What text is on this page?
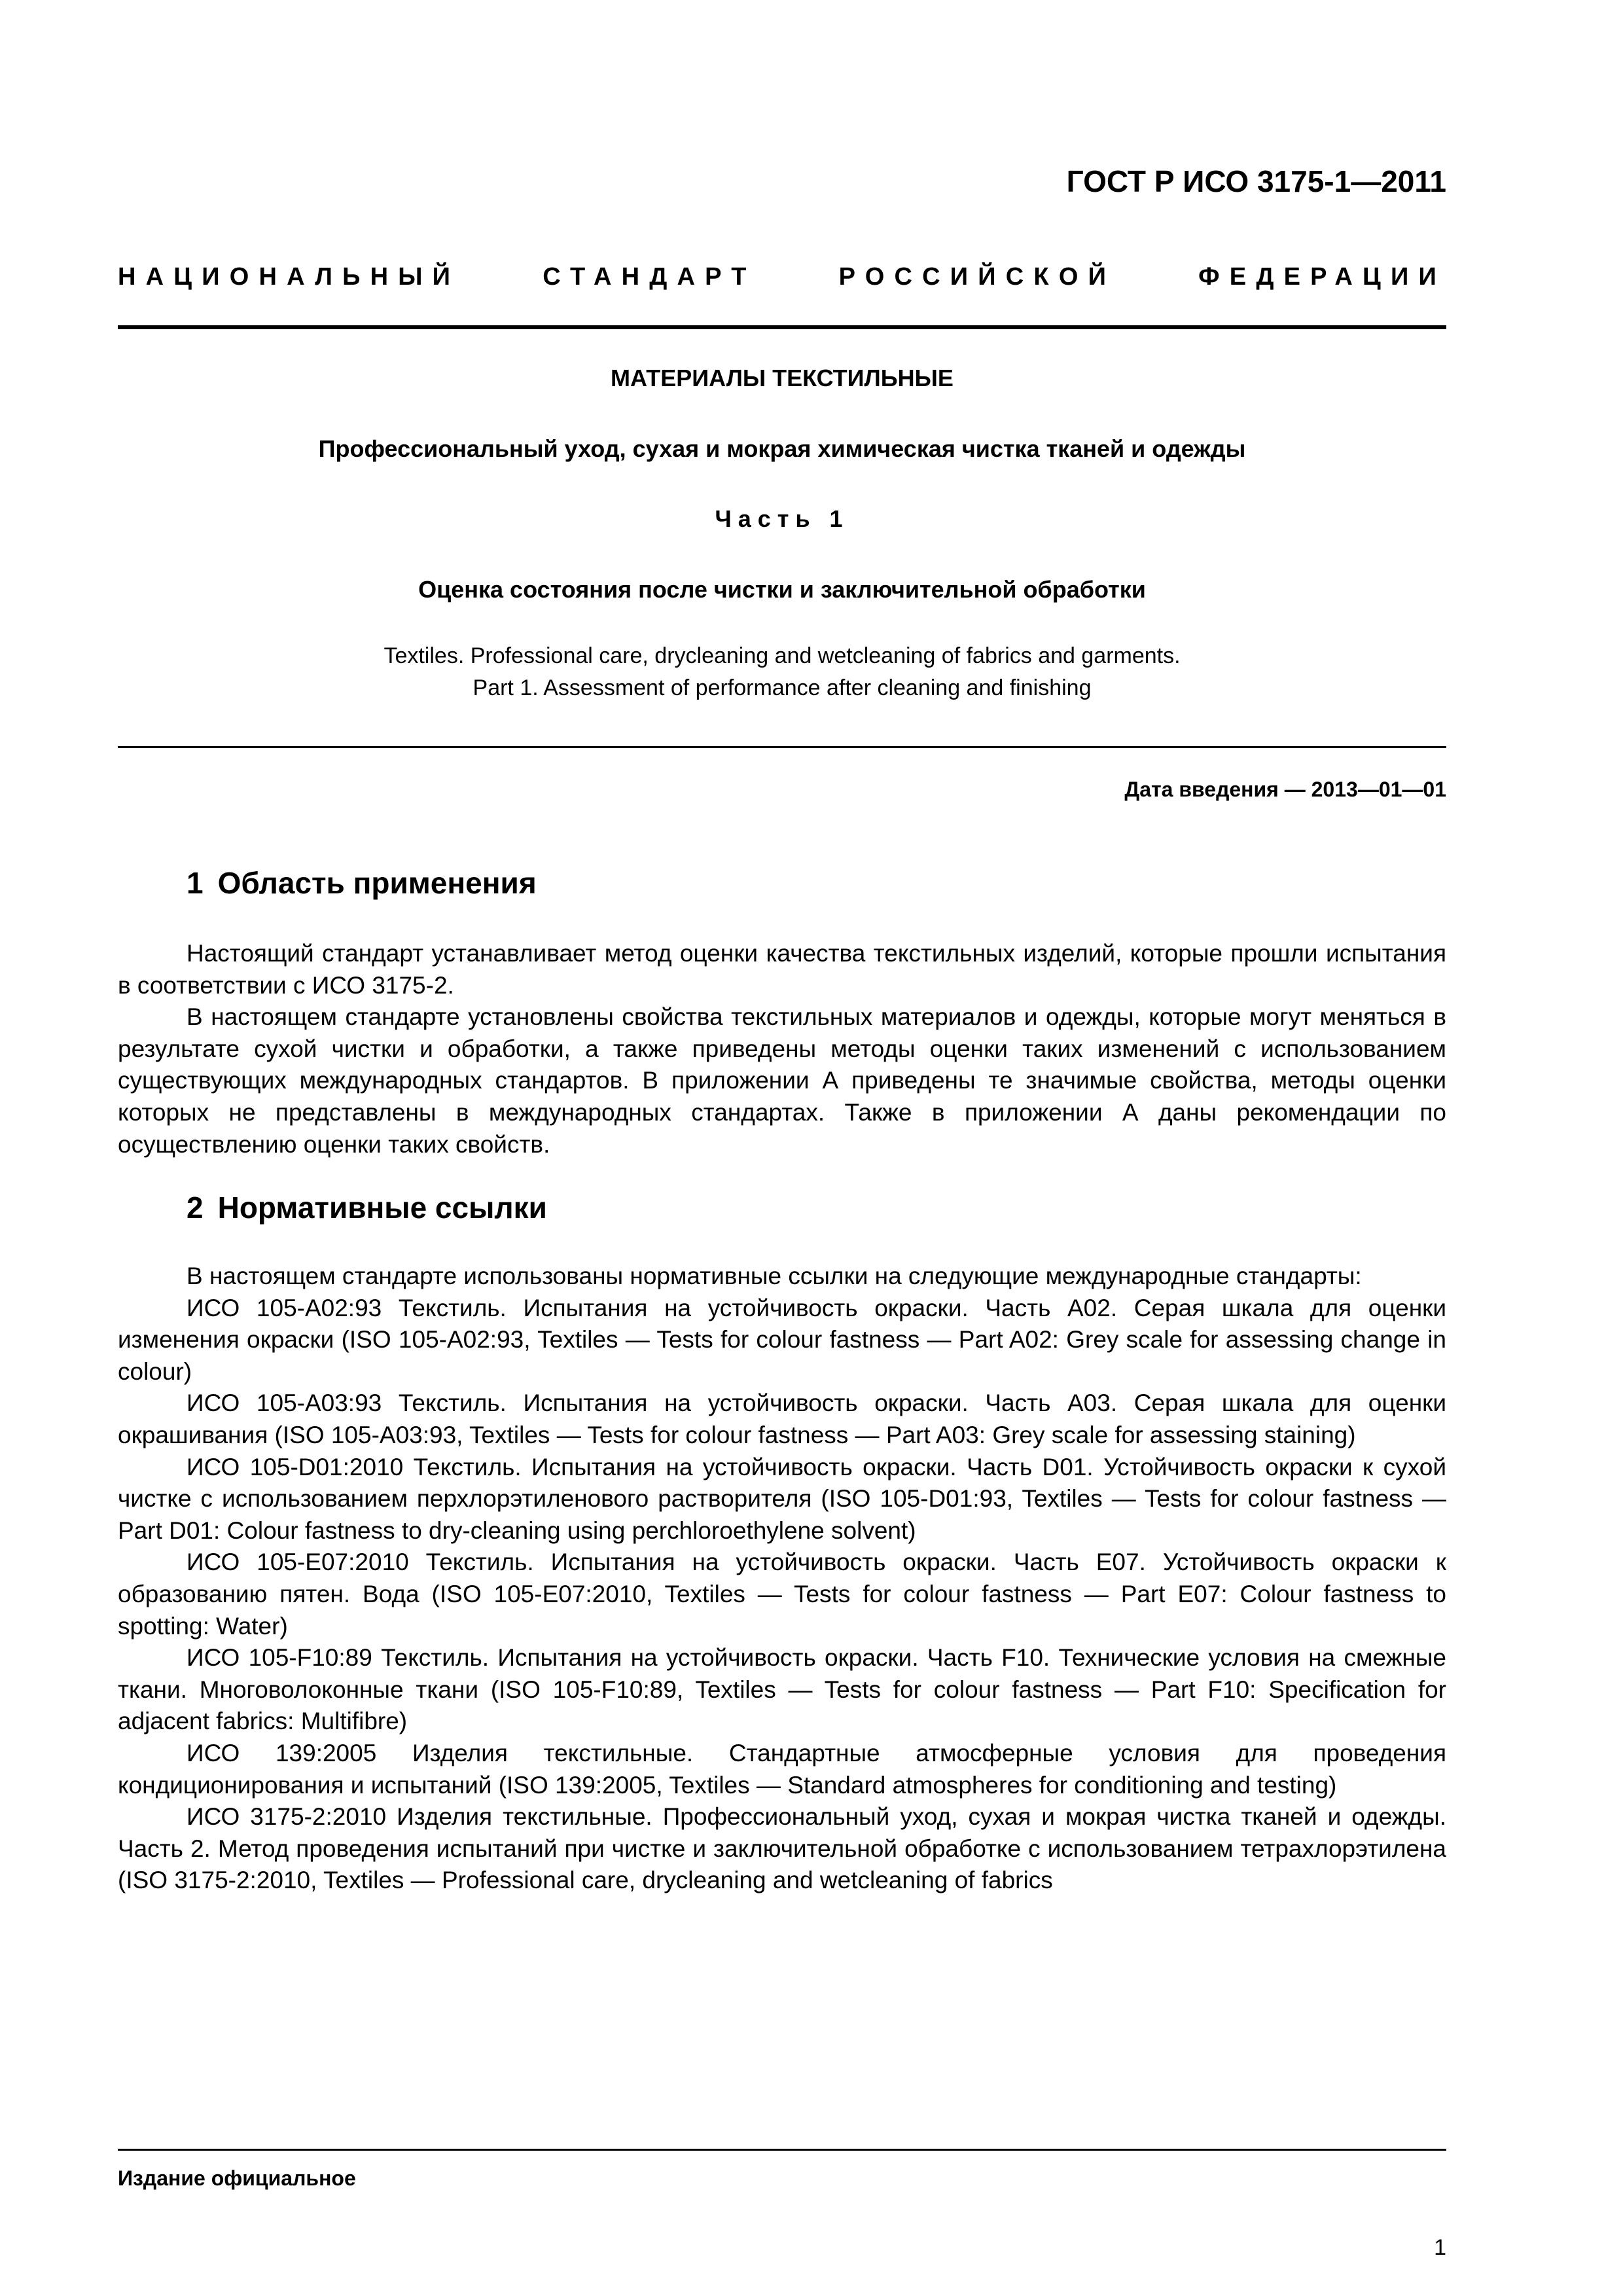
ГОСТ Р ИСО 3175-1—2011
НАЦИОНАЛЬНЫЙ	СТАНДАРТ	РОССИЙСКОЙ	ФЕДЕРАЦИИ
МАТЕРИАЛЫ ТЕКСТИЛЬНЫЕ
Профессиональный уход, сухая и мокрая химическая чистка тканей и одежды
Часть 1
Оценка состояния после чистки и заключительной обработки
Textiles. Professional care, drycleaning and wetcleaning of fabrics and garments.
Part 1. Assessment of performance after cleaning and finishing
Дата введения — 2013—01—01
1 Область применения

Настоящий стандарт устанавливает метод оценки качества текстильных изделий, которые прошли испытания в соответствии с ИСО 3175-2.

В настоящем стандарте установлены свойства текстильных материалов и одежды, которые могут меняться в результате сухой чистки и обработки, а также приведены методы оценки таких изменений с использованием существующих международных стандартов. В приложении А приведены те значимые свойства, методы оценки которых не представлены в международных стандартах. Также в приложении А даны рекомендации по осуществлению оценки таких свойств.

2 Нормативные ссылки

В настоящем стандарте использованы нормативные ссылки на следующие международные стандарты:

ИСО 105-A02:93 Текстиль. Испытания на устойчивость окраски. Часть А02. Серая шкала для оценки изменения окраски (ISO 105-A02:93, Textiles — Tests for colour fastness — Part A02: Grey scale for assessing change in colour)

ИСО 105-A03:93 Текстиль. Испытания на устойчивость окраски. Часть А03. Серая шкала для оценки окрашивания (ISO 105-A03:93, Textiles — Tests for colour fastness — Part A03: Grey scale for assessing staining)

ИСО 105-D01:2010 Текстиль. Испытания на устойчивость окраски. Часть D01. Устойчивость окраски к сухой чистке с использованием перхлорэтиленового растворителя (ISO 105-D01:93, Textiles — Tests for colour fastness — Part D01: Colour fastness to dry-cleaning using perchloroethylene solvent)

ИСО 105-E07:2010 Текстиль. Испытания на устойчивость окраски. Часть Е07. Устойчивость окраски к образованию пятен. Вода (ISO 105-E07:2010, Textiles — Tests for colour fastness — Part E07: Colour fastness to spotting: Water)

ИСО 105-F10:89 Текстиль. Испытания на устойчивость окраски. Часть F10. Технические условия на смежные ткани. Многоволоконные ткани (ISO 105-F10:89, Textiles — Tests for colour fastness — Part F10: Specification for adjacent fabrics: Multifibre)

ИСО 139:2005 Изделия текстильные. Стандартные атмосферные условия для проведения кондиционирования и испытаний (ISO 139:2005, Textiles — Standard atmospheres for conditioning and testing)

ИСО 3175-2:2010 Изделия текстильные. Профессиональный уход, сухая и мокрая чистка тканей и одежды. Часть 2. Метод проведения испытаний при чистке и заключительной обработке с использованием тетрахлорэтилена (ISO 3175-2:2010, Textiles — Professional care, drycleaning and wetcleaning of fabrics

Издание официальное
1
